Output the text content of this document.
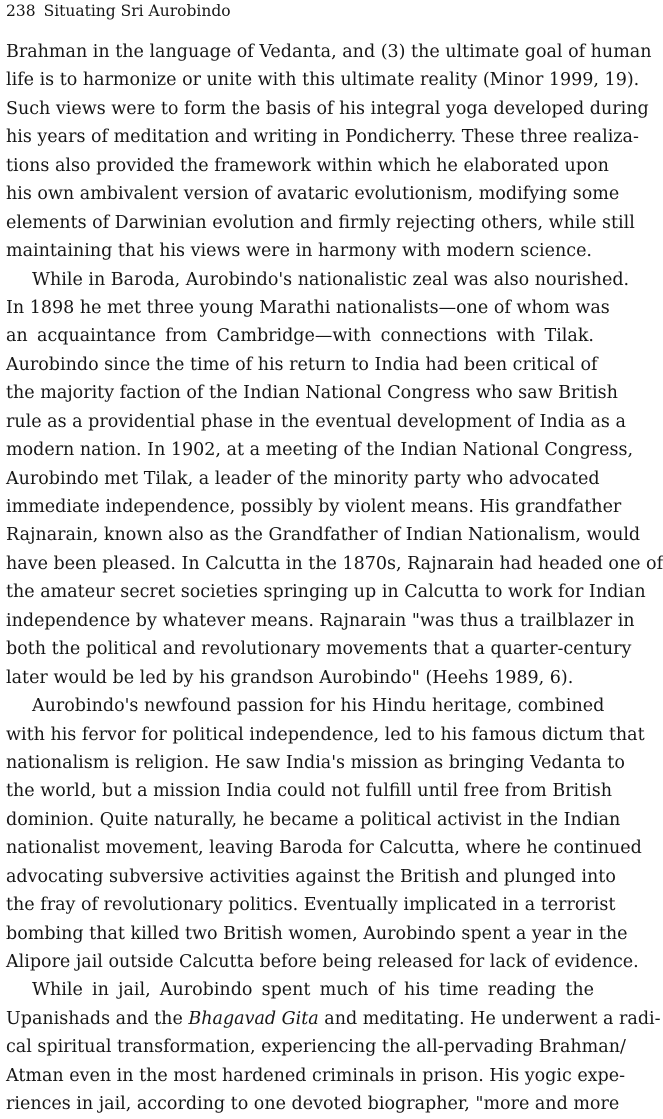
238 Situating Sri Aurobindo
Brahman in the language of Vedanta, and (3) the ultimate goal of human
life is to harmonize or unite with this ultimate reality (Minor 1999, 19).
Such views were to form the basis of his integral yoga developed during
his years of meditation and writing in Pondicherry. These three realiza-
tions also provided the framework within which he elaborated upon
his own ambivalent version of avataric evolutionism, modifying some
elements of Darwinian evolution and firmly rejecting others, while still
maintaining that his views were in harmony with modern science.
While in Baroda, Aurobindo's nationalistic zeal was also nourished.
In 1898 he met three young Marathi nationalists—one of whom was
an acquaintance from Cambridge—with connections with Tilak.
Aurobindo since the time of his return to India had been critical of
the majority faction of the Indian National Congress who saw British
rule as a providential phase in the eventual development of India as a
modern nation. In 1902, at a meeting of the Indian National Congress,
Aurobindo met Tilak, a leader of the minority party who advocated
immediate independence, possibly by violent means. His grandfather
Rajnarain, known also as the Grandfather of Indian Nationalism, would
have been pleased. In Calcutta in the 1870s, Rajnarain had headed one of
the amateur secret societies springing up in Calcutta to work for Indian
independence by whatever means. Rajnarain "was thus a trailblazer in
both the political and revolutionary movements that a quarter-century
later would be led by his grandson Aurobindo" (Heehs 1989, 6).
Aurobindo's newfound passion for his Hindu heritage, combined
with his fervor for political independence, led to his famous dictum that
nationalism is religion. He saw India's mission as bringing Vedanta to
the world, but a mission India could not fulfill until free from British
dominion. Quite naturally, he became a political activist in the Indian
nationalist movement, leaving Baroda for Calcutta, where he continued
advocating subversive activities against the British and plunged into
the fray of revolutionary politics. Eventually implicated in a terrorist
bombing that killed two British women, Aurobindo spent a year in the
Alipore jail outside Calcutta before being released for lack of evidence.
While in jail, Aurobindo spent much of his time reading the
Upanishads and the Bhagavad Gita and meditating. He underwent a radi-
cal spiritual transformation, experiencing the all-pervading Brahman/
Atman even in the most hardened criminals in prison. His yogic expe-
riences in jail, according to one devoted biographer, "more and more
